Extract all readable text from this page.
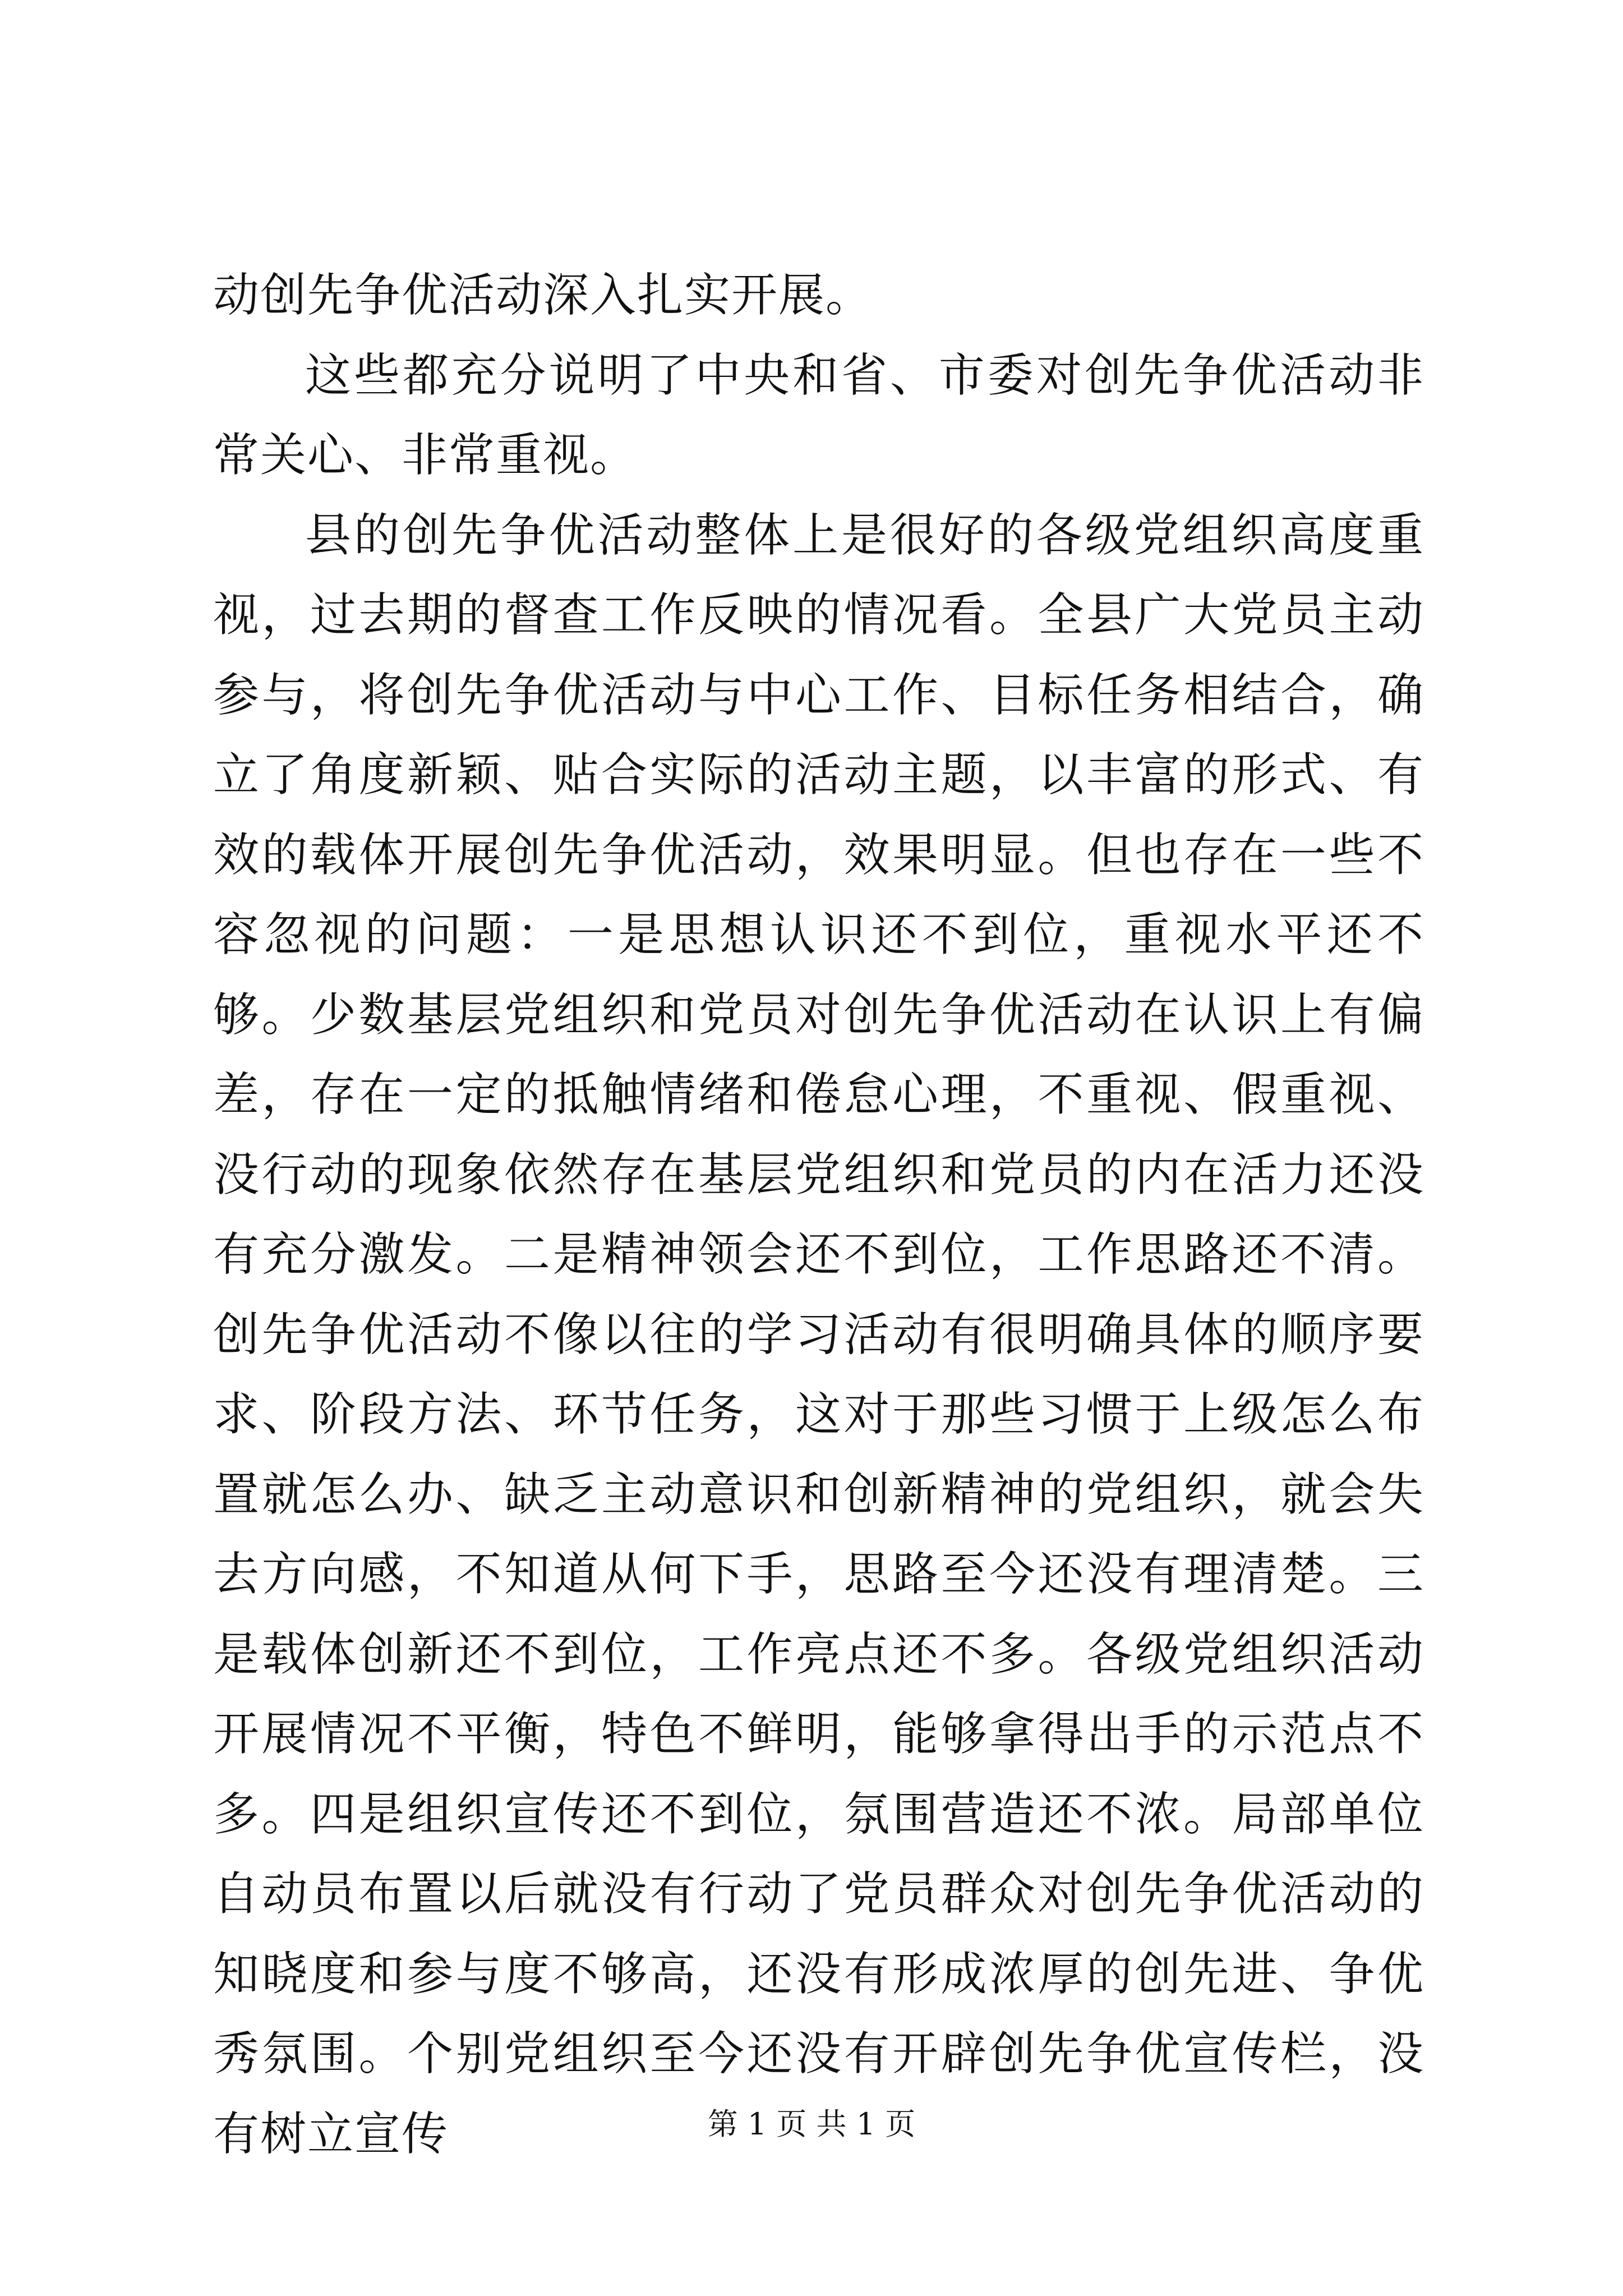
动创先争优活动深入扎实开展。

这些都充分说明了中央和省、市委对创先争优活动非常关心、非常重视。

县的创先争优活动整体上是很好的各级党组织高度重视，过去期的督查工作反映的情况看。全县广大党员主动参与，将创先争优活动与中心工作、目标任务相结合，确立了角度新颖、贴合实际的活动主题，以丰富的形式、有效的载体开展创先争优活动，效果明显。但也存在一些不容忽视的问题：一是思想认识还不到位，重视水平还不够。少数基层党组织和党员对创先争优活动在认识上有偏差，存在一定的抵触情绪和倦怠心理，不重视、假重视、没行动的现象依然存在基层党组织和党员的内在活力还没有充分激发。二是精神领会还不到位，工作思路还不清。创先争优活动不像以往的学习活动有很明确具体的顺序要求、阶段方法、环节任务，这对于那些习惯于上级怎么布置就怎么办、缺乏主动意识和创新精神的党组织，就会失去方向感，不知道从何下手，思路至今还没有理清楚。三是载体创新还不到位，工作亮点还不多。各级党组织活动开展情况不平衡，特色不鲜明，能够拿得出手的示范点不多。四是组织宣传还不到位，氛围营造还不浓。局部单位自动员布置以后就没有行动了党员群众对创先争优活动的知晓度和参与度不够高，还没有形成浓厚的创先进、争优秀氛围。个别党组织至今还没有开辟创先争优宣传栏，没有树立宣传	第 1 页 共 1 页
